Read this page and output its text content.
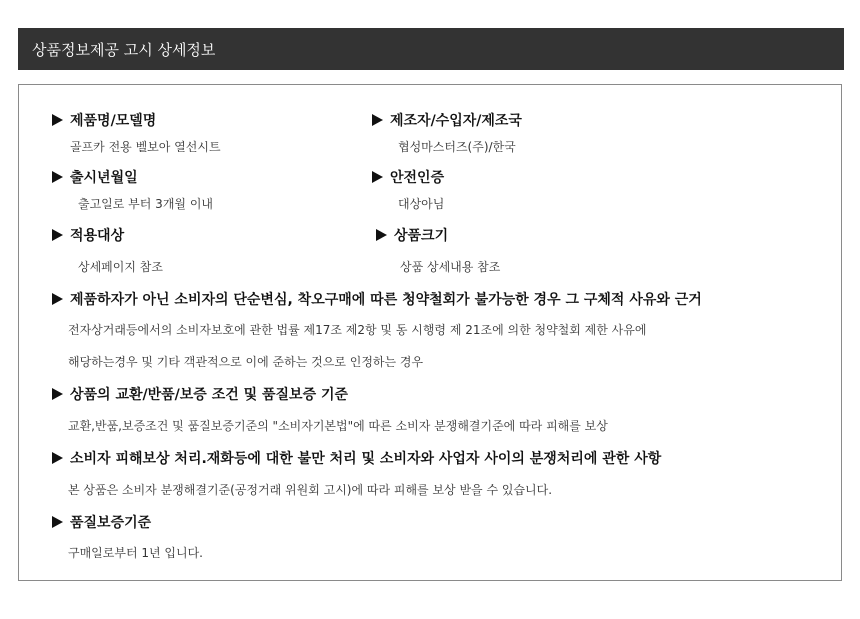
상품정보제공 고시 상세정보
제품명/모델명
골프카 전용 벨보아 열선시트
제조자/수입자/제조국
협성마스터즈(주)/한국
출시년월일
출고일로 부터 3개월 이내
안전인증
대상아님
적용대상
상세페이지 참조
상품크기
상품 상세내용 참조
제품하자가 아닌 소비자의 단순변심, 착오구매에 따른 청약철회가 불가능한 경우 그 구체적 사유와 근거
전자상거래등에서의 소비자보호에 관한 법률 제17조 제2항 및 동 시행령 제 21조에 의한 청약철회 제한 사유에
해당하는경우 및 기타 객관적으로 이에 준하는 것으로 인정하는 경우
상품의 교환/반품/보증 조건 및 품질보증 기준
교환,반품,보증조건 및 품질보증기준의 "소비자기본법"에 따른 소비자 분쟁해결기준에 따라 피해를 보상
소비자 피해보상 처리.재화등에 대한 불만 처리 및 소비자와 사업자 사이의 분쟁처리에 관한 사항
본 상품은 소비자 분쟁해결기준(공정거래 위원회 고시)에 따라 피해를 보상 받을 수 있습니다.
품질보증기준
구매일로부터 1년 입니다.
